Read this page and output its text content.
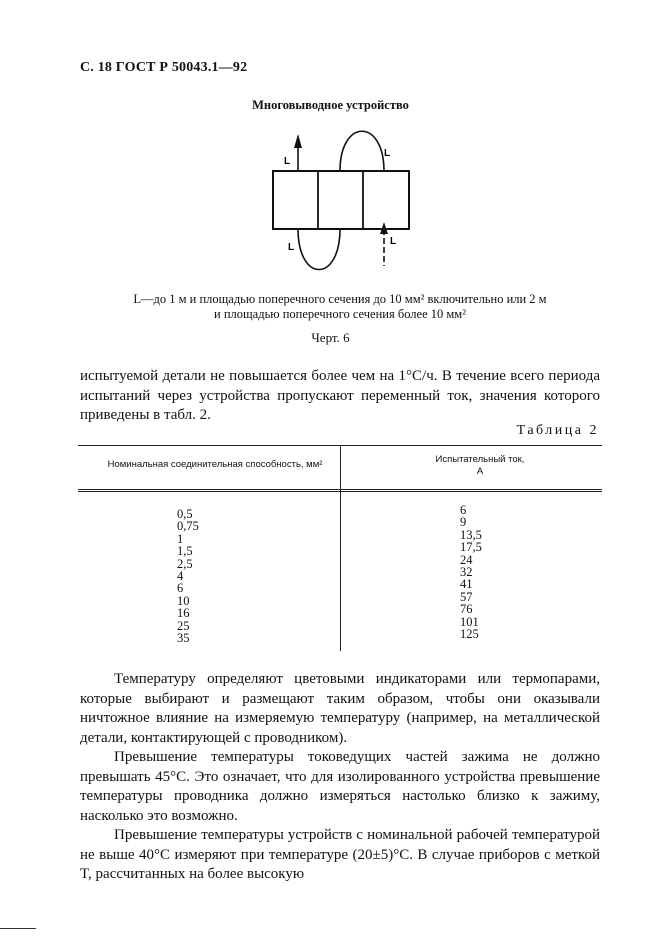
С. 18 ГОСТ Р 50043.1—92
Многовыводное устройство
L
L
L
L
L—до 1 м и площадью поперечного сечения до 10 мм² включительно или 2 м
и площадью поперечного сечения более 10 мм²
Черт. 6

испытуемой детали не повышается более чем на 1°С/ч. В течение всего периода испытаний через устройства пропускают переменный ток, значения которого приведены в табл. 2.

Таблица 2
Номинальная соединительная способность, мм²	Испытательный ток,
А
0,5
0,75
1
1,5
2,5
4
6
10
16
25
35
6
9
13,5
17,5
24
32
41
57
76
101
125

Температуру определяют цветовыми индикаторами или термопарами, которые выбирают и размещают таким образом, чтобы они оказывали ничтожное влияние на измеряемую температуру (например, на металлической детали, контактирующей с проводником).

Превышение температуры токоведущих частей зажима не должно превышать 45°С. Это означает, что для изолированного устройства превышение температуры проводника должно измеряться настолько близко к зажиму, насколько это возможно.

Превышение температуры устройств с номинальной рабочей температурой не выше 40°С измеряют при температуре (20±5)°С. В случае приборов с меткой T, рассчитанных на более высокую
